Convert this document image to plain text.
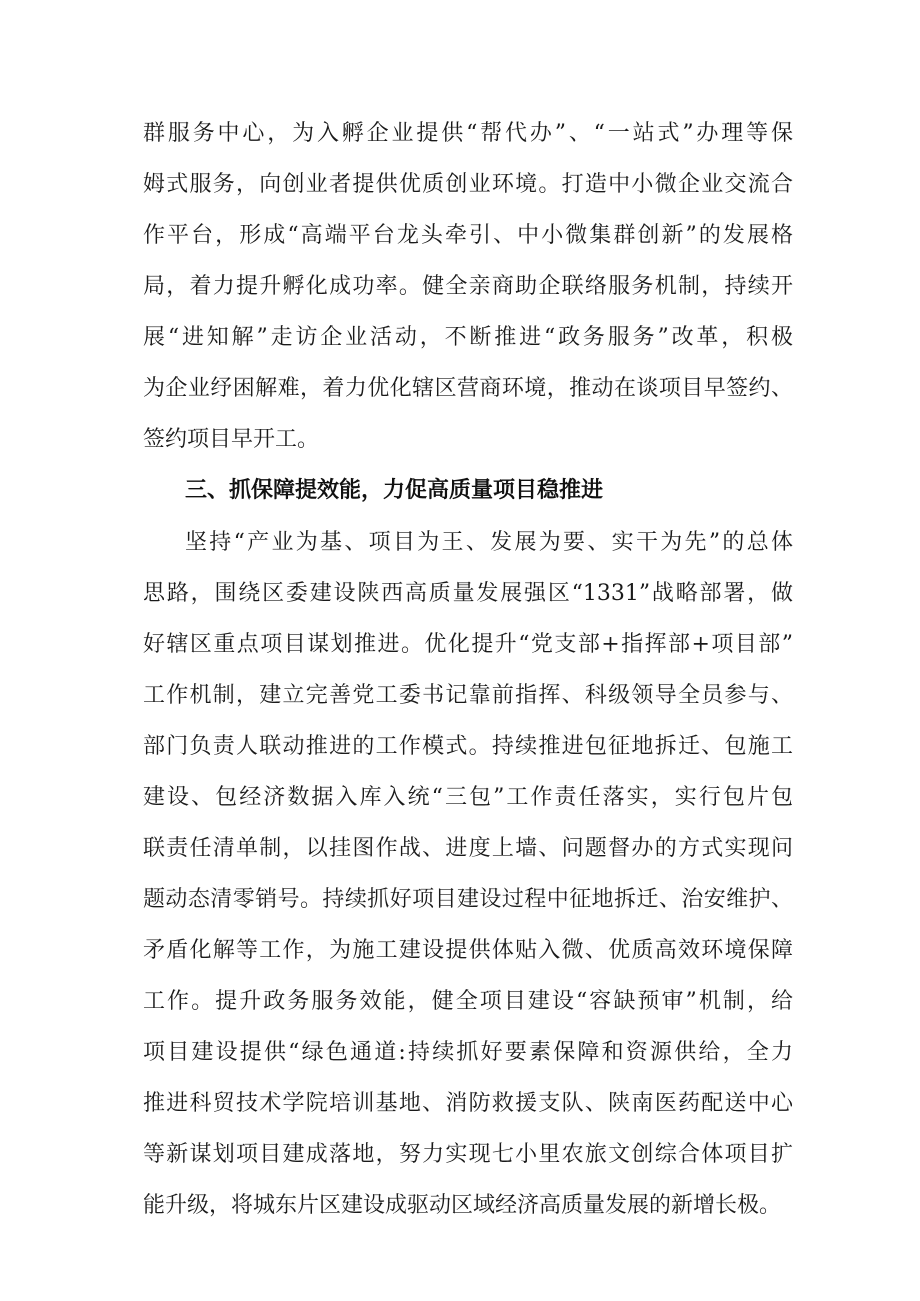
群服务中心，为入孵企业提供“帮代办”、“一站式”办理等保
姆式服务，向创业者提供优质创业环境。打造中小微企业交流合
作平台，形成“高端平台龙头牵引、中小微集群创新”的发展格
局，着力提升孵化成功率。健全亲商助企联络服务机制，持续开
展“进知解”走访企业活动，不断推进“政务服务”改革，积极
为企业纾困解难，着力优化辖区营商环境，推动在谈项目早签约、
签约项目早开工。
三、抓保障提效能，力促高质量项目稳推进
坚持“产业为基、项目为王、发展为要、实干为先”的总体
思路，围绕区委建设陕西高质量发展强区“1331”战略部署，做
好辖区重点项目谋划推进。优化提升“党支部+指挥部+项目部”
工作机制，建立完善党工委书记靠前指挥、科级领导全员参与、
部门负责人联动推进的工作模式。持续推进包征地拆迁、包施工
建设、包经济数据入库入统“三包”工作责任落实，实行包片包
联责任清单制，以挂图作战、进度上墙、问题督办的方式实现问
题动态清零销号。持续抓好项目建设过程中征地拆迁、治安维护、
矛盾化解等工作，为施工建设提供体贴入微、优质高效环境保障
工作。提升政务服务效能，健全项目建设“容缺预审”机制，给
项目建设提供“绿色通道:持续抓好要素保障和资源供给，全力
推进科贸技术学院培训基地、消防救援支队、陕南医药配送中心
等新谋划项目建成落地，努力实现七小里农旅文创综合体项目扩
能升级，将城东片区建设成驱动区域经济高质量发展的新增长极。
